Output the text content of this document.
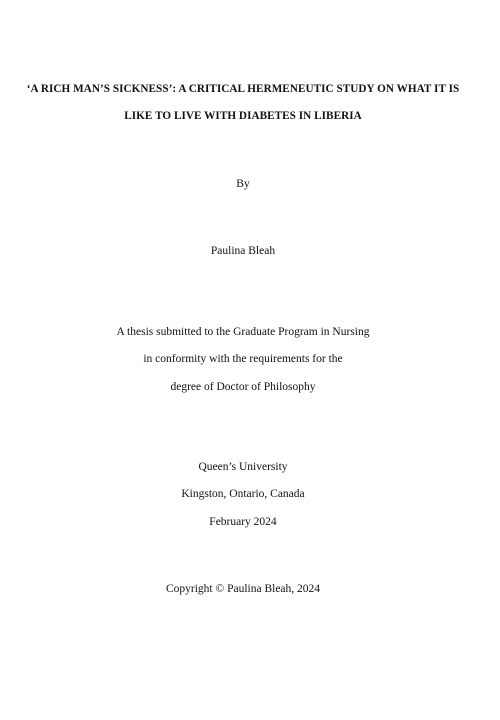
‘A RICH MAN’S SICKNESS’: A CRITICAL HERMENEUTIC STUDY ON WHAT IT IS
LIKE TO LIVE WITH DIABETES IN LIBERIA
By
Paulina Bleah
A thesis submitted to the Graduate Program in Nursing
in conformity with the requirements for the
degree of Doctor of Philosophy
Queen’s University
Kingston, Ontario, Canada
February 2024
Copyright © Paulina Bleah, 2024
